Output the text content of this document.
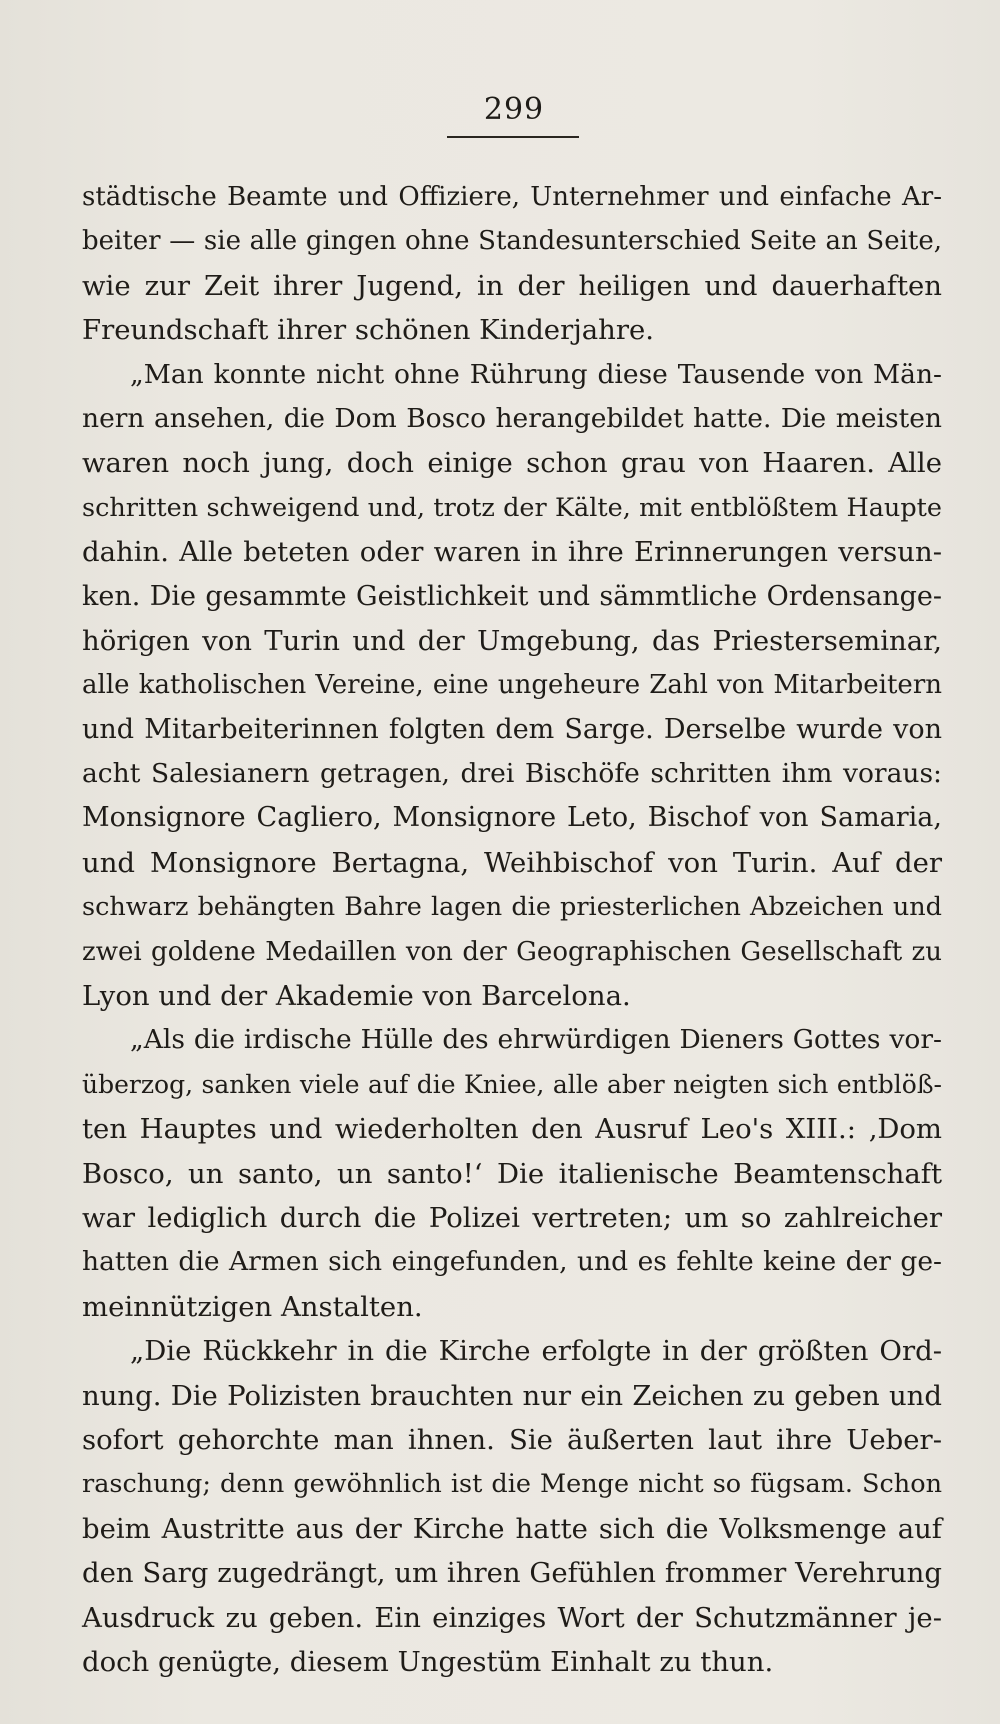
299
städtische Beamte und Offiziere, Unternehmer und einfache Ar-
beiter — sie alle gingen ohne Standesunterschied Seite an Seite,
wie zur Zeit ihrer Jugend, in der heiligen und dauerhaften
Freundschaft ihrer schönen Kinderjahre.
„Man konnte nicht ohne Rührung diese Tausende von Män-
nern ansehen, die Dom Bosco herangebildet hatte. Die meisten
waren noch jung, doch einige schon grau von Haaren. Alle
schritten schweigend und, trotz der Kälte, mit entblößtem Haupte
dahin. Alle beteten oder waren in ihre Erinnerungen versun-
ken. Die gesammte Geistlichkeit und sämmtliche Ordensange-
hörigen von Turin und der Umgebung, das Priesterseminar,
alle katholischen Vereine, eine ungeheure Zahl von Mitarbeitern
und Mitarbeiterinnen folgten dem Sarge. Derselbe wurde von
acht Salesianern getragen, drei Bischöfe schritten ihm voraus:
Monsignore Cagliero, Monsignore Leto, Bischof von Samaria,
und Monsignore Bertagna, Weihbischof von Turin. Auf der
schwarz behängten Bahre lagen die priesterlichen Abzeichen und
zwei goldene Medaillen von der Geographischen Gesellschaft zu
Lyon und der Akademie von Barcelona.
„Als die irdische Hülle des ehrwürdigen Dieners Gottes vor-
überzog, sanken viele auf die Kniee, alle aber neigten sich entblöß-
ten Hauptes und wiederholten den Ausruf Leo's XIII.: ‚Dom
Bosco, un santo, un santo!‘ Die italienische Beamtenschaft
war lediglich durch die Polizei vertreten; um so zahlreicher
hatten die Armen sich eingefunden, und es fehlte keine der ge-
meinnützigen Anstalten.
„Die Rückkehr in die Kirche erfolgte in der größten Ord-
nung. Die Polizisten brauchten nur ein Zeichen zu geben und
sofort gehorchte man ihnen. Sie äußerten laut ihre Ueber-
raschung; denn gewöhnlich ist die Menge nicht so fügsam. Schon
beim Austritte aus der Kirche hatte sich die Volksmenge auf
den Sarg zugedrängt, um ihren Gefühlen frommer Verehrung
Ausdruck zu geben. Ein einziges Wort der Schutzmänner je-
doch genügte, diesem Ungestüm Einhalt zu thun.
